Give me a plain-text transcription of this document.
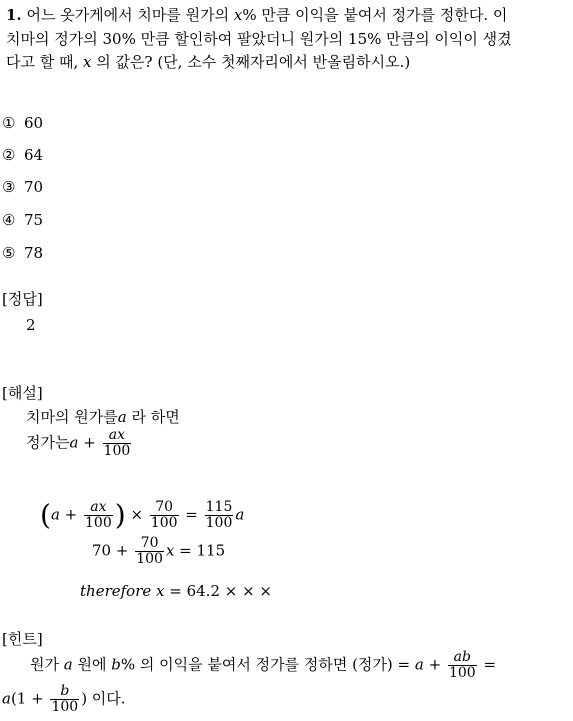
1. 어느 옷가게에서 치마를 원가의 x% 만큼 이익을 붙여서 정가를 정한다. 이
치마의 정가의 30% 만큼 할인하여 팔았더니 원가의 15% 만큼의 이익이 생겼
다고 할 때, x 의 값은? (단, 소수 첫째자리에서 반올림하시오.)
① 60
② 64
③ 70
④ 75
⑤ 78
[정답]
2
[해설]
치마의 원가를a 라 하면
정가는$a + \frac{ax}{100}$
($a + \frac{ax}{100}$ ) × $\frac{70}{100} = \frac{115}{100}$ a
$70 + \frac{70}{100}$ x = 115
therefore x = 64.2 × × ×
[힌트]
원가 a 원에 b% 의 이익을 붙여서 정가를 정하면 (정가) = $a + \frac{ab}{100}$ =
$a(1 + \frac{b}{100}$ ) 이다.
